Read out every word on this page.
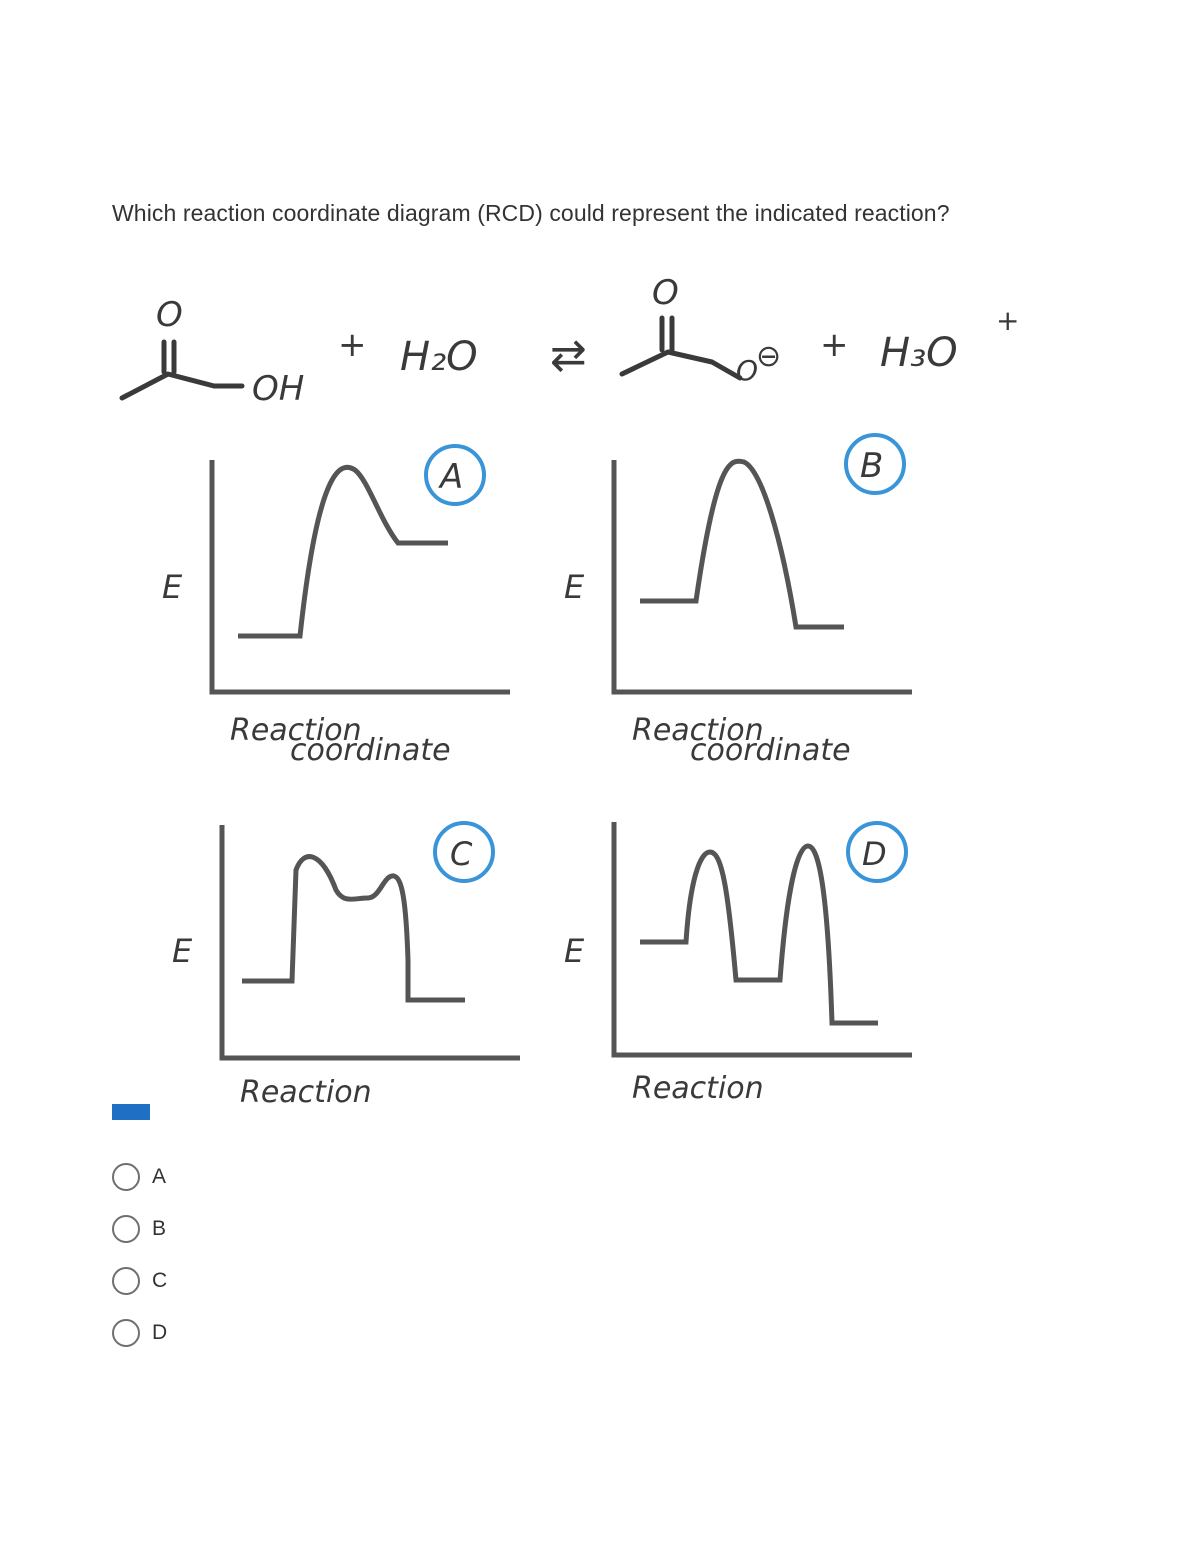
Which reaction coordinate diagram (RCD) could represent the indicated reaction?
O
OH
+ H₂O ⇄
O
O
⊖ + H₃O
+
A
E
Reaction
coordinate
B
E
Reaction
coordinate
C
E
Reaction
D
E
Reaction
A
B
C
D
